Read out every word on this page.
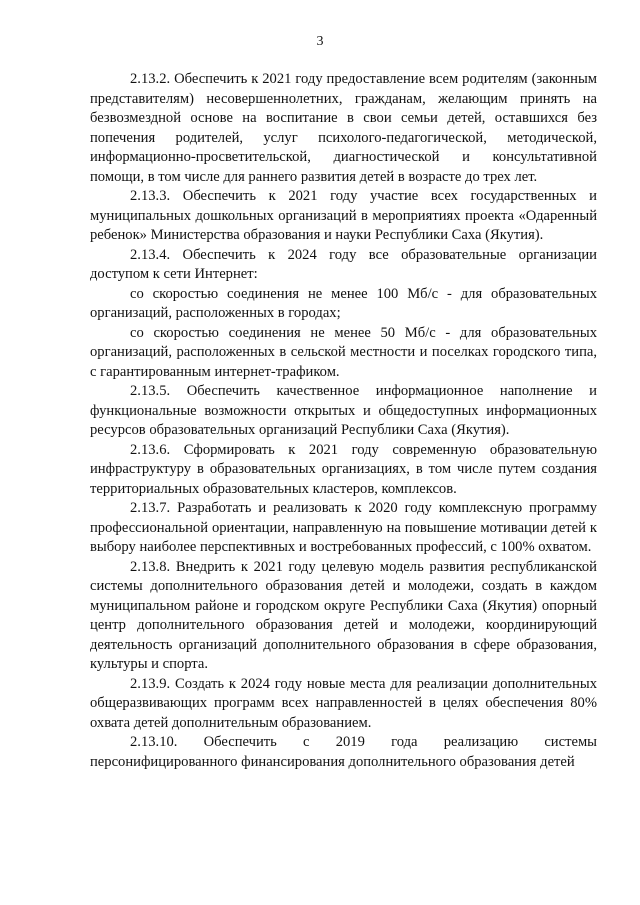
3

2.13.2. Обеспечить к 2021 году предоставление всем родителям (законным представителям) несовершеннолетних, гражданам, желающим принять на безвозмездной основе на воспитание в свои семьи детей, оставшихся без попечения родителей, услуг психолого-педагогической, методической, информационно-просветительской, диагностической и консультативной помощи, в том числе для раннего развития детей в возрасте до трех лет.

2.13.3. Обеспечить к 2021 году участие всех государственных и муниципальных дошкольных организаций в мероприятиях проекта «Одаренный ребенок» Министерства образования и науки Республики Саха (Якутия).

2.13.4. Обеспечить к 2024 году все образовательные организации доступом к сети Интернет:

со скоростью соединения не менее 100 Мб/с - для образовательных организаций, расположенных в городах;

со скоростью соединения не менее 50 Мб/с - для образовательных организаций, расположенных в сельской местности и поселках городского типа, с гарантированным интернет-трафиком.

2.13.5. Обеспечить качественное информационное наполнение и функциональные возможности открытых и общедоступных информационных ресурсов образовательных организаций Республики Саха (Якутия).

2.13.6. Сформировать к 2021 году современную образовательную инфраструктуру в образовательных организациях, в том числе путем создания территориальных образовательных кластеров, комплексов.

2.13.7. Разработать и реализовать к 2020 году комплексную программу профессиональной ориентации, направленную на повышение мотивации детей к выбору наиболее перспективных и востребованных профессий, с 100% охватом.

2.13.8. Внедрить к 2021 году целевую модель развития республиканской системы дополнительного образования детей и молодежи, создать в каждом муниципальном районе и городском округе Республики Саха (Якутия) опорный центр дополнительного образования детей и молодежи, координирующий деятельность организаций дополнительного образования в сфере образования, культуры и спорта.

2.13.9. Создать к 2024 году новые места для реализации дополнительных общеразвивающих программ всех направленностей в целях обеспечения 80% охвата детей дополнительным образованием.

2.13.10. Обеспечить с 2019 года реализацию системы персонифицированного финансирования дополнительного образования детей
